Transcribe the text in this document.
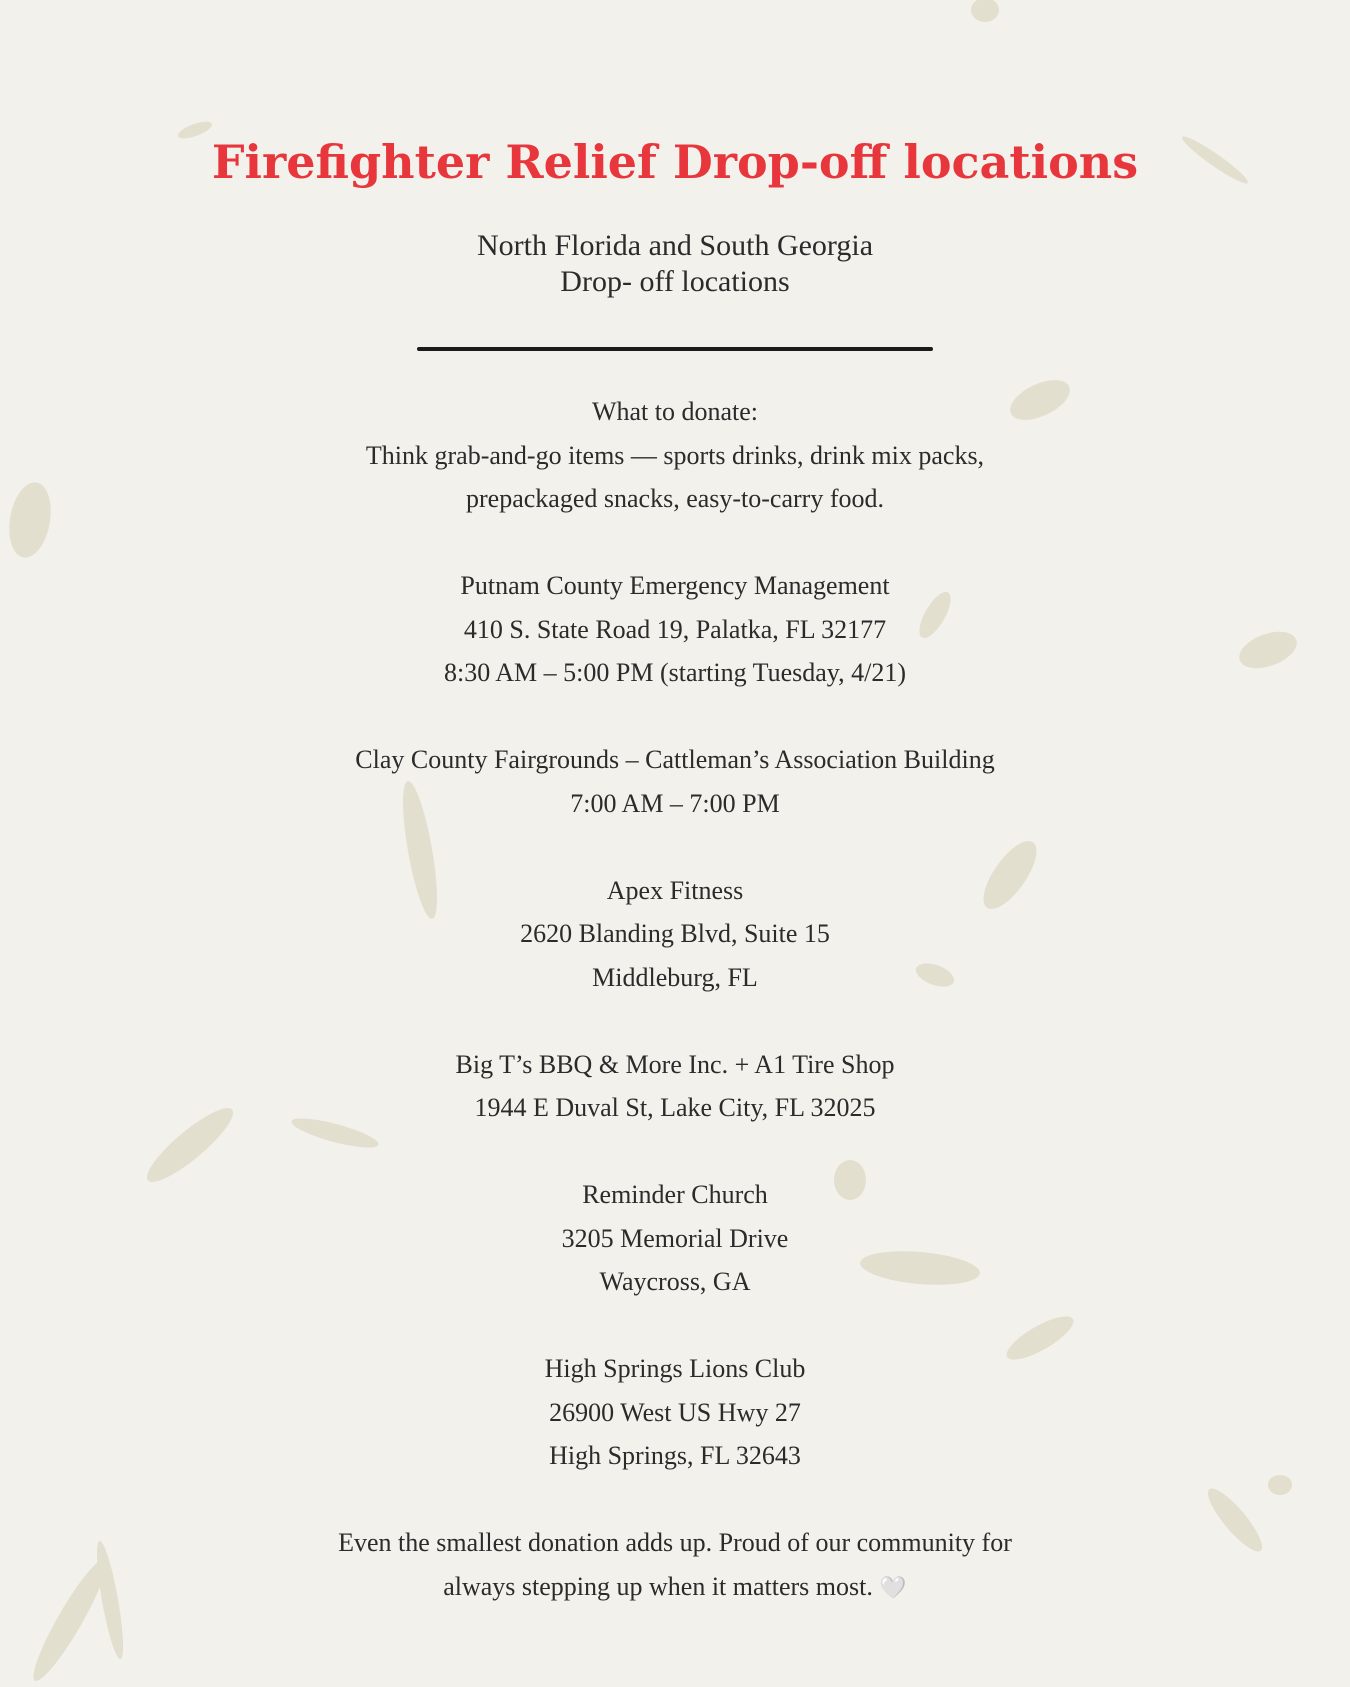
Firefighter Relief Drop-off locations
North Florida and South Georgia
Drop- off locations
What to donate:
Think grab-and-go items — sports drinks, drink mix packs,
prepackaged snacks, easy-to-carry food.
Putnam County Emergency Management
410 S. State Road 19, Palatka, FL 32177
8:30 AM – 5:00 PM (starting Tuesday, 4/21)
Clay County Fairgrounds – Cattleman’s Association Building
7:00 AM – 7:00 PM
Apex Fitness
2620 Blanding Blvd, Suite 15
Middleburg, FL
Big T’s BBQ & More Inc. + A1 Tire Shop
1944 E Duval St, Lake City, FL 32025
Reminder Church
3205 Memorial Drive
Waycross, GA
High Springs Lions Club
26900 West US Hwy 27
High Springs, FL 32643
Even the smallest donation adds up. Proud of our community for
always stepping up when it matters most. 🤍
